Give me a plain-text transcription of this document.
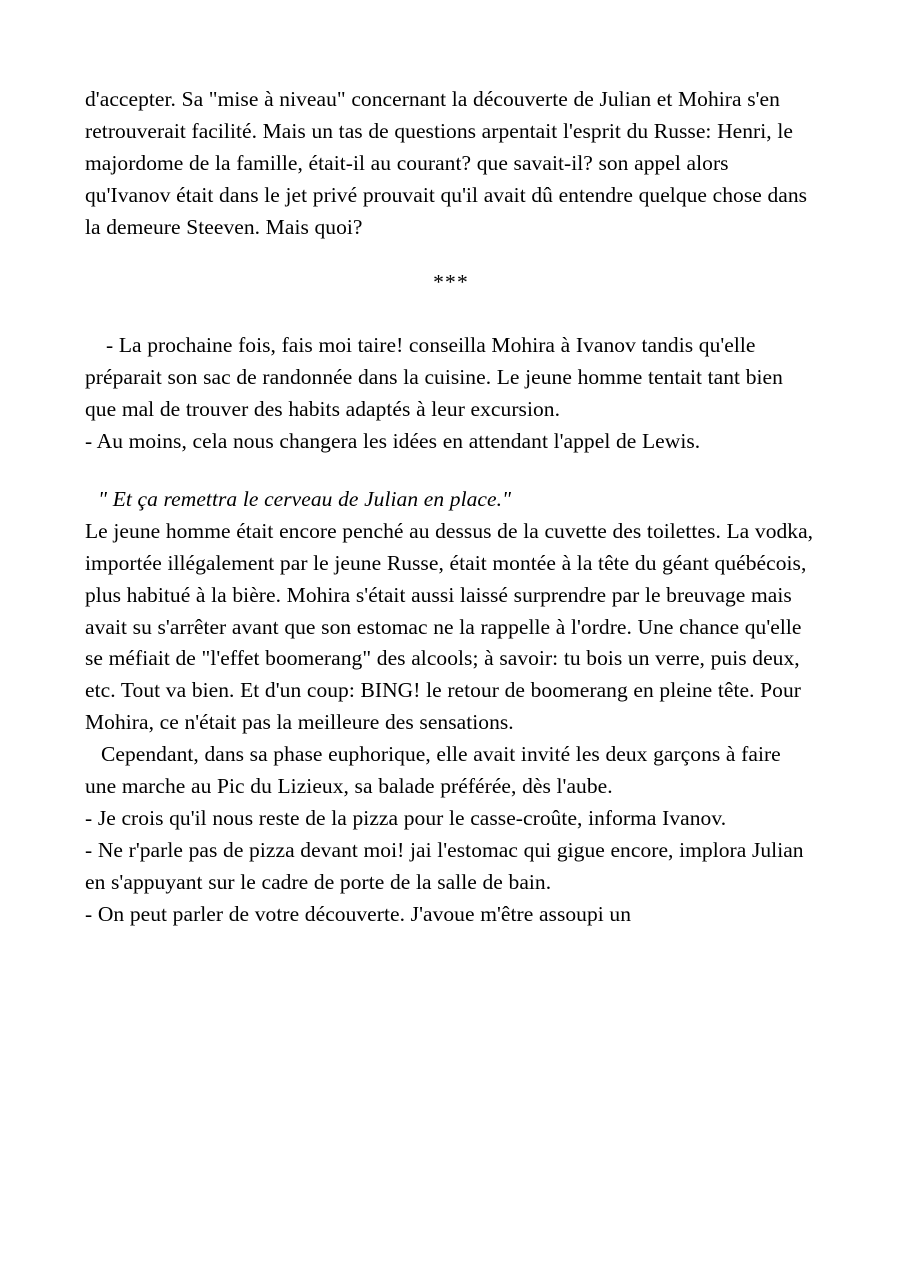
d'accepter. Sa "mise à niveau" concernant la découverte de Julian et Mohira s'en retrouverait facilité. Mais un tas de questions arpentait l'esprit du Russe: Henri, le majordome de la famille, était-il au courant? que savait-il? son appel alors qu'Ivanov était dans le jet privé prouvait qu'il avait dû entendre quelque chose dans la demeure Steeven. Mais quoi?

***

- La prochaine fois, fais moi taire! conseilla Mohira à Ivanov tandis qu'elle préparait son sac de randonnée dans la cuisine. Le jeune homme tentait tant bien que mal de trouver des habits adaptés à leur excursion.

- Au moins, cela nous changera les idées en attendant l'appel de Lewis.

" Et ça remettra le cerveau de Julian en place."

Le jeune homme était encore penché au dessus de la cuvette des toilettes. La vodka, importée illégalement par le jeune Russe, était montée à la tête du géant québécois, plus habitué à la bière. Mohira s'était aussi laissé surprendre par le breuvage mais avait su s'arrêter avant que son estomac ne la rappelle à l'ordre. Une chance qu'elle se méfiait de "l'effet boomerang" des alcools; à savoir: tu bois un verre, puis deux, etc. Tout va bien. Et d'un coup: BING! le retour de boomerang en pleine tête. Pour Mohira, ce n'était pas la meilleure des sensations.

Cependant, dans sa phase euphorique, elle avait invité les deux garçons à faire une marche au Pic du Lizieux, sa balade préférée, dès l'aube.

- Je crois qu'il nous reste de la pizza pour le casse-croûte, informa Ivanov.

- Ne r'parle pas de pizza devant moi! jai l'estomac qui gigue encore, implora Julian en s'appuyant sur le cadre de porte de la salle de bain.

- On peut parler de votre découverte. J'avoue m'être assoupi un
